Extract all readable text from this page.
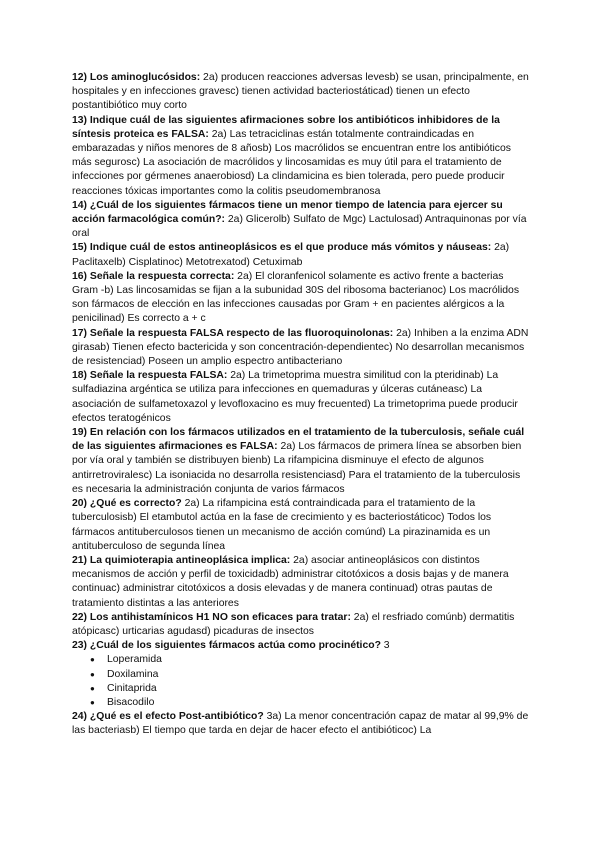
12) Los aminoglucósidos: 2a) producen reacciones adversas levesb) se usan, principalmente, en hospitales y en infecciones gravesc) tienen actividad bacteriostáticad) tienen un efecto postantibiótico muy corto

13) Indique cuál de las siguientes afirmaciones sobre los antibióticos inhibidores de la síntesis proteica es FALSA: 2a) Las tetraciclinas están totalmente contraindicadas en embarazadas y niños menores de 8 añosb) Los macrólidos se encuentran entre los antibióticos más segurosc) La asociación de macrólidos y lincosamidas es muy útil para el tratamiento de infecciones por gérmenes anaerobiosd) La clindamicina es bien tolerada, pero puede producir reacciones tóxicas importantes como la colitis pseudomembranosa

14) ¿Cuál de los siguientes fármacos tiene un menor tiempo de latencia para ejercer su acción farmacológica común?: 2a) Glicerolb) Sulfato de Mgc) Lactulosad) Antraquinonas por vía oral

15) Indique cuál de estos antineoplásicos es el que produce más vómitos y náuseas: 2a) Paclitaxelb) Cisplatinoc) Metotrexatod) Cetuximab

16) Señale la respuesta correcta: 2a) El cloranfenicol solamente es activo frente a bacterias Gram -b) Las lincosamidas se fijan a la subunidad 30S del ribosoma bacterianoc) Los macrólidos son fármacos de elección en las infecciones causadas por Gram + en pacientes alérgicos a la penicilinad) Es correcto a + c

17) Señale la respuesta FALSA respecto de las fluoroquinolonas: 2a) Inhiben a la enzima ADN girasab) Tienen efecto bactericida y son concentración-dependientec) No desarrollan mecanismos de resistenciad) Poseen un amplio espectro antibacteriano

18) Señale la respuesta FALSA: 2a) La trimetoprima muestra similitud con la pteridinab) La sulfadiazina argéntica se utiliza para infecciones en quemaduras y úlceras cutáneasc) La asociación de sulfametoxazol y levofloxacino es muy frecuented) La trimetoprima puede producir efectos teratogénicos

19) En relación con los fármacos utilizados en el tratamiento de la tuberculosis, señale cuál de las siguientes afirmaciones es FALSA: 2a) Los fármacos de primera línea se absorben bien por vía oral y también se distribuyen bienb) La rifampicina disminuye el efecto de algunos antirretroviralesc) La isoniacida no desarrolla resistenciasd) Para el tratamiento de la tuberculosis es necesaria la administración conjunta de varios fármacos

20) ¿Qué es correcto? 2a) La rifampicina está contraindicada para el tratamiento de la tuberculosisb) El etambutol actúa en la fase de crecimiento y es bacteriostáticoc) Todos los fármacos antituberculosos tienen un mecanismo de acción comúnd) La pirazinamida es un antituberculoso de segunda línea

21) La quimioterapia antineoplásica implica: 2a) asociar antineoplásicos con distintos mecanismos de acción y perfil de toxicidadb) administrar citotóxicos a dosis bajas y de manera continuac) administrar citotóxicos a dosis elevadas y de manera continuad) otras pautas de tratamiento distintas a las anteriores

22) Los antihistamínicos H1 NO son eficaces para tratar: 2a) el resfriado comúnb) dermatitis atópicasc) urticarias agudasd) picaduras de insectos

23) ¿Cuál de los siguientes fármacos actúa como procinético? 3

● Loperamida
● Doxilamina
● Cinitaprida
● Bisacodilo

24) ¿Qué es el efecto Post-antibiótico? 3a) La menor concentración capaz de matar al 99,9% de las bacteriasb) El tiempo que tarda en dejar de hacer efecto el antibióticoc) La
